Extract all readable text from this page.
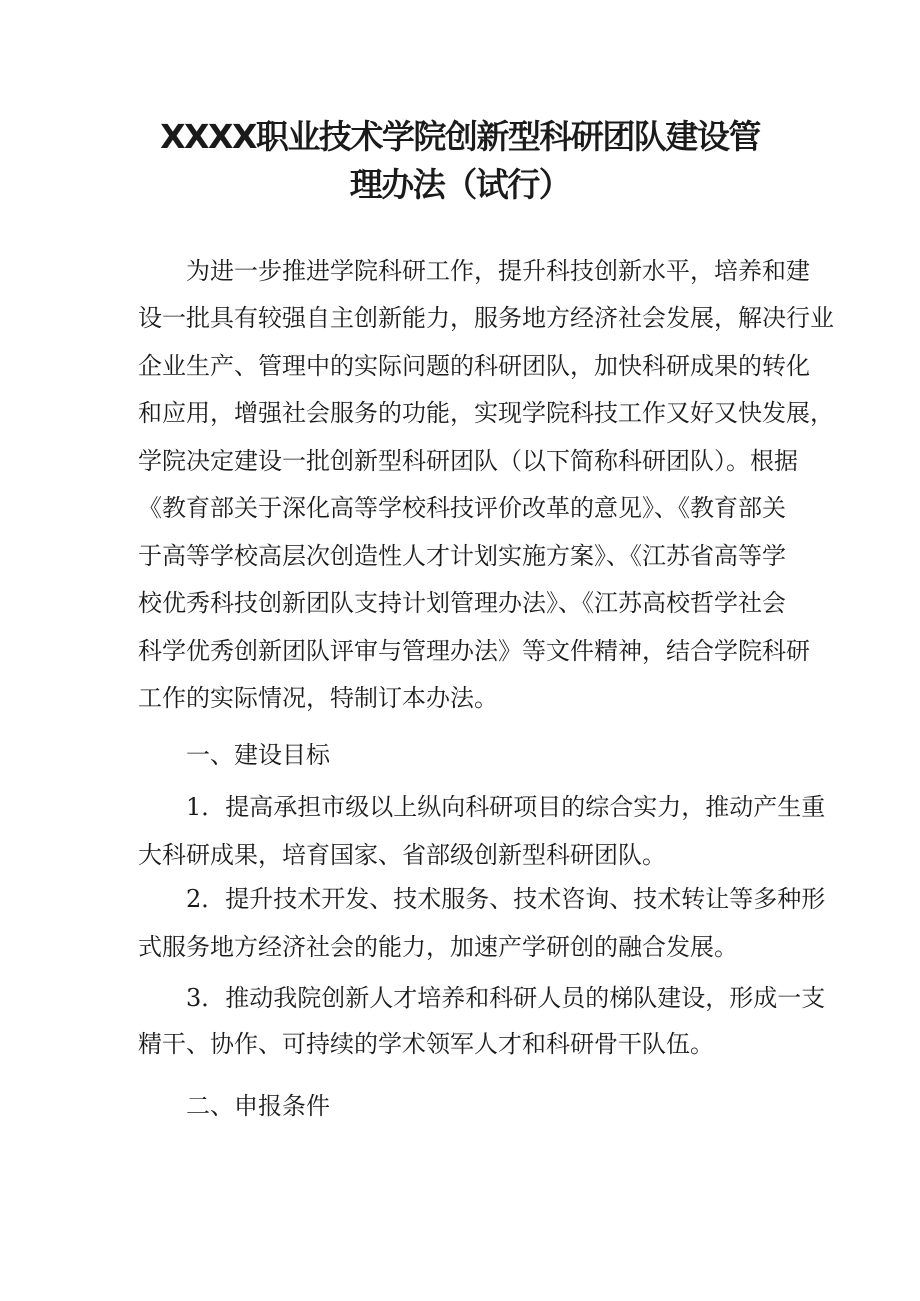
XXXX职业技术学院创新型科研团队建设管
理办法（试行）
为进一步推进学院科研工作，提升科技创新水平，培养和建
设一批具有较强自主创新能力，服务地方经济社会发展，解决行业
企业生产、管理中的实际问题的科研团队，加快科研成果的转化
和应用，增强社会服务的功能，实现学院科技工作又好又快发展，
学院决定建设一批创新型科研团队（以下简称科研团队）。根据
《教育部关于深化高等学校科技评价改革的意见》、《教育部关
于高等学校高层次创造性人才计划实施方案》、《江苏省高等学
校优秀科技创新团队支持计划管理办法》、《江苏高校哲学社会
科学优秀创新团队评审与管理办法》等文件精神，结合学院科研
工作的实际情况，特制订本办法。
一、建设目标
1．提高承担市级以上纵向科研项目的综合实力，推动产生重
大科研成果，培育国家、省部级创新型科研团队。
2．提升技术开发、技术服务、技术咨询、技术转让等多种形
式服务地方经济社会的能力，加速产学研创的融合发展。
3．推动我院创新人才培养和科研人员的梯队建设，形成一支
精干、协作、可持续的学术领军人才和科研骨干队伍。
二、申报条件
